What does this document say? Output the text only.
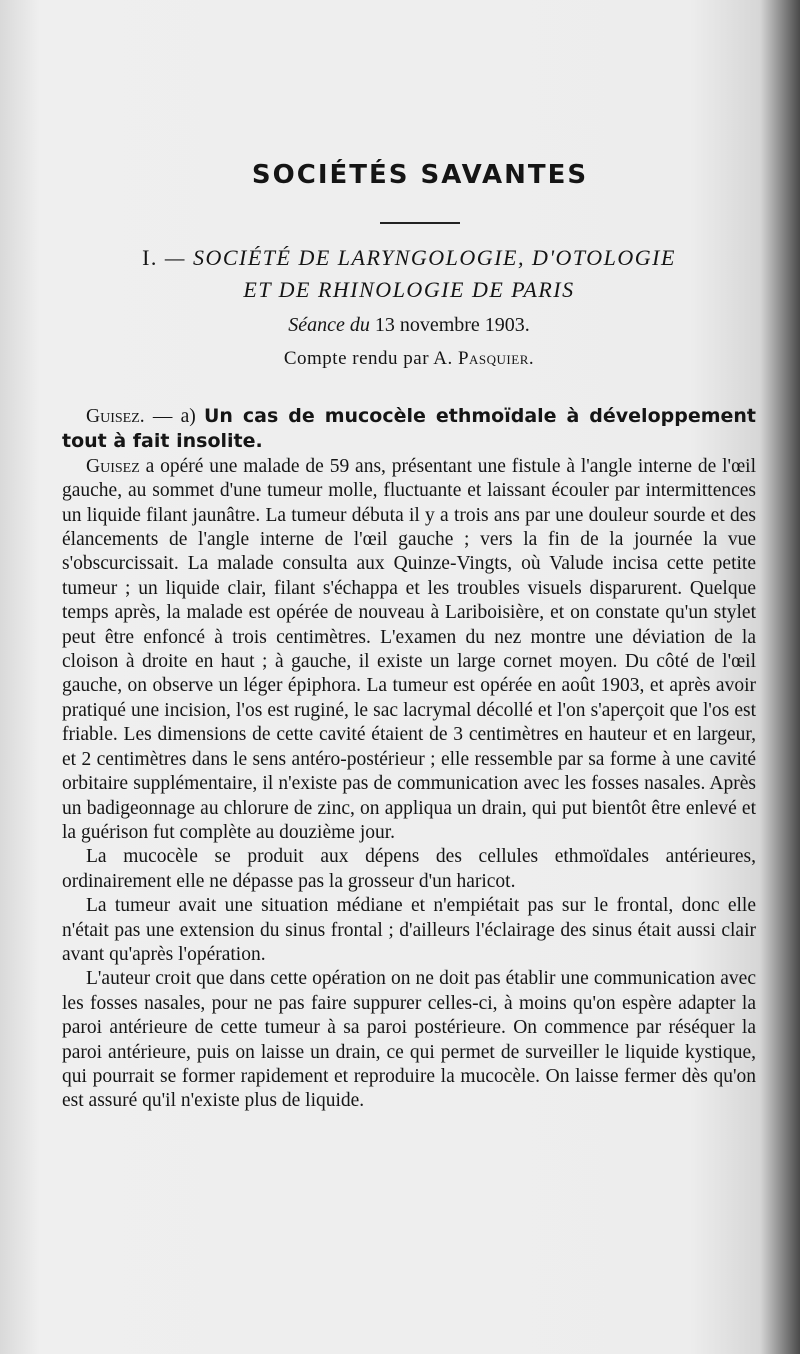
SOCIÉTÉS SAVANTES

I. — SOCIÉTÉ DE LARYNGOLOGIE, D'OTOLOGIE

ET DE RHINOLOGIE DE PARIS

Séance du 13 novembre 1903.

Compte rendu par A. Pasquier.

Guisez. — a) Un cas de mucocèle ethmoïdale à développement tout à fait insolite.

Guisez a opéré une malade de 59 ans, présentant une fistule à l'angle interne de l'œil gauche, au sommet d'une tumeur molle, fluctuante et laissant écouler par intermittences un liquide filant jaunâtre. La tumeur débuta il y a trois ans par une douleur sourde et des élancements de l'angle interne de l'œil gauche ; vers la fin de la journée la vue s'obscurcissait. La malade consulta aux Quinze-Vingts, où Valude incisa cette petite tumeur ; un liquide clair, filant s'échappa et les troubles visuels disparurent. Quelque temps après, la malade est opérée de nouveau à Lariboisière, et on constate qu'un stylet peut être enfoncé à trois centimètres. L'examen du nez montre une déviation de la cloison à droite en haut ; à gauche, il existe un large cornet moyen. Du côté de l'œil gauche, on observe un léger épiphora. La tumeur est opérée en août 1903, et après avoir pratiqué une incision, l'os est ruginé, le sac lacrymal décollé et l'on s'aperçoit que l'os est friable. Les dimensions de cette cavité étaient de 3 centimètres en hauteur et en largeur, et 2 centimètres dans le sens antéro-postérieur ; elle ressemble par sa forme à une cavité orbitaire supplémentaire, il n'existe pas de communication avec les fosses nasales. Après un badigeonnage au chlorure de zinc, on appliqua un drain, qui put bientôt être enlevé et la guérison fut complète au douzième jour.

La mucocèle se produit aux dépens des cellules ethmoïdales antérieures, ordinairement elle ne dépasse pas la grosseur d'un haricot.

La tumeur avait une situation médiane et n'empiétait pas sur le frontal, donc elle n'était pas une extension du sinus frontal ; d'ailleurs l'éclairage des sinus était aussi clair avant qu'après l'opération.

L'auteur croit que dans cette opération on ne doit pas établir une communication avec les fosses nasales, pour ne pas faire suppurer celles-ci, à moins qu'on espère adapter la paroi antérieure de cette tumeur à sa paroi postérieure. On commence par réséquer la paroi antérieure, puis on laisse un drain, ce qui permet de surveiller le liquide kystique, qui pourrait se former rapidement et reproduire la mucocèle. On laisse fermer dès qu'on est assuré qu'il n'existe plus de liquide.
